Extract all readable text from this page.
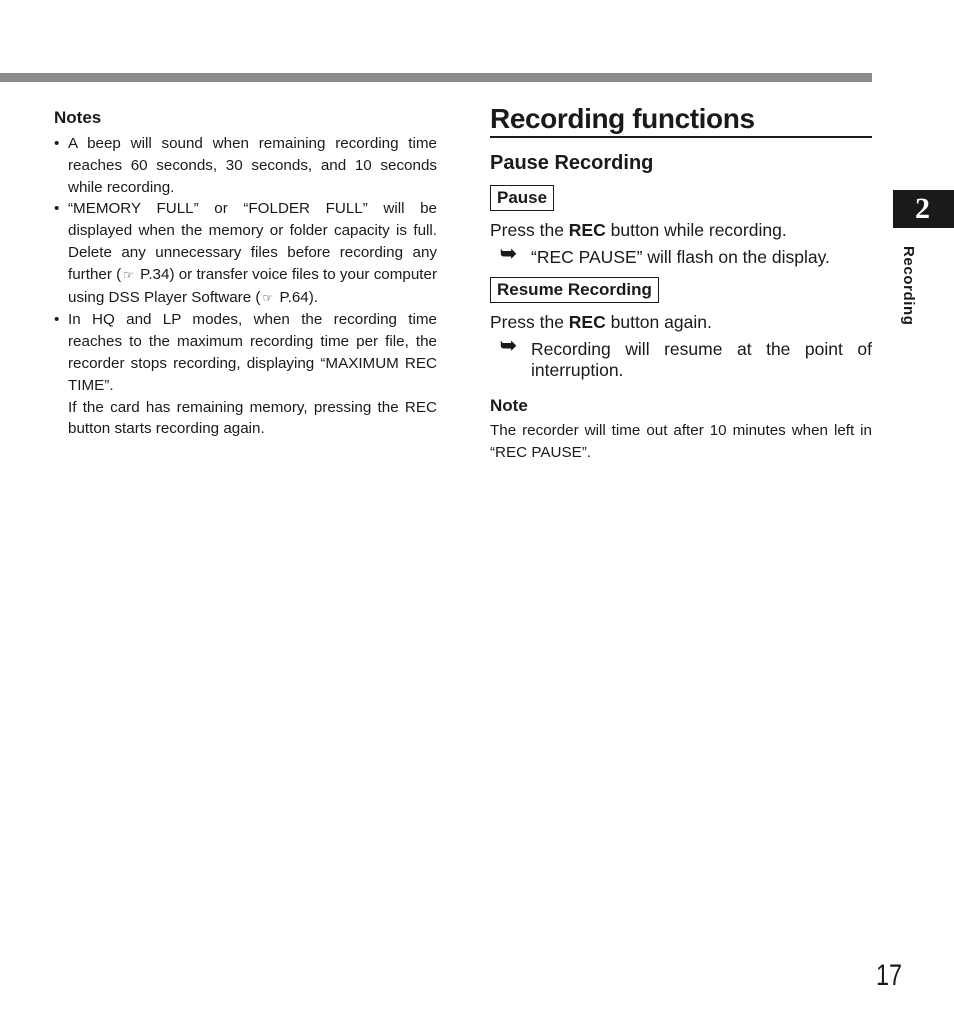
Notes
• A beep will sound when remaining recording time reaches 60 seconds, 30 seconds, and 10 seconds while recording.

• “MEMORY FULL” or “FOLDER FULL” will be displayed when the memory or folder capacity is full. Delete any unnecessary files before recording any further ( ☞ P.34) or transfer voice files to your computer using DSS Player Software ( ☞ P.64).

• In HQ and LP modes, when the recording time reaches to the maximum recording time per file, the recorder stops recording, displaying “MAXIMUM REC TIME”.

If the card has remaining memory, pressing the REC button starts recording again.

Recording functions
Pause Recording
Pause

Press the REC button while recording.

➥ “REC PAUSE” will flash on the display.

Resume Recording

Press the REC button again.

➥ Recording will resume at the point of interruption.

Note

The recorder will time out after 10 minutes when left in “REC PAUSE”.

2
Recording
17
